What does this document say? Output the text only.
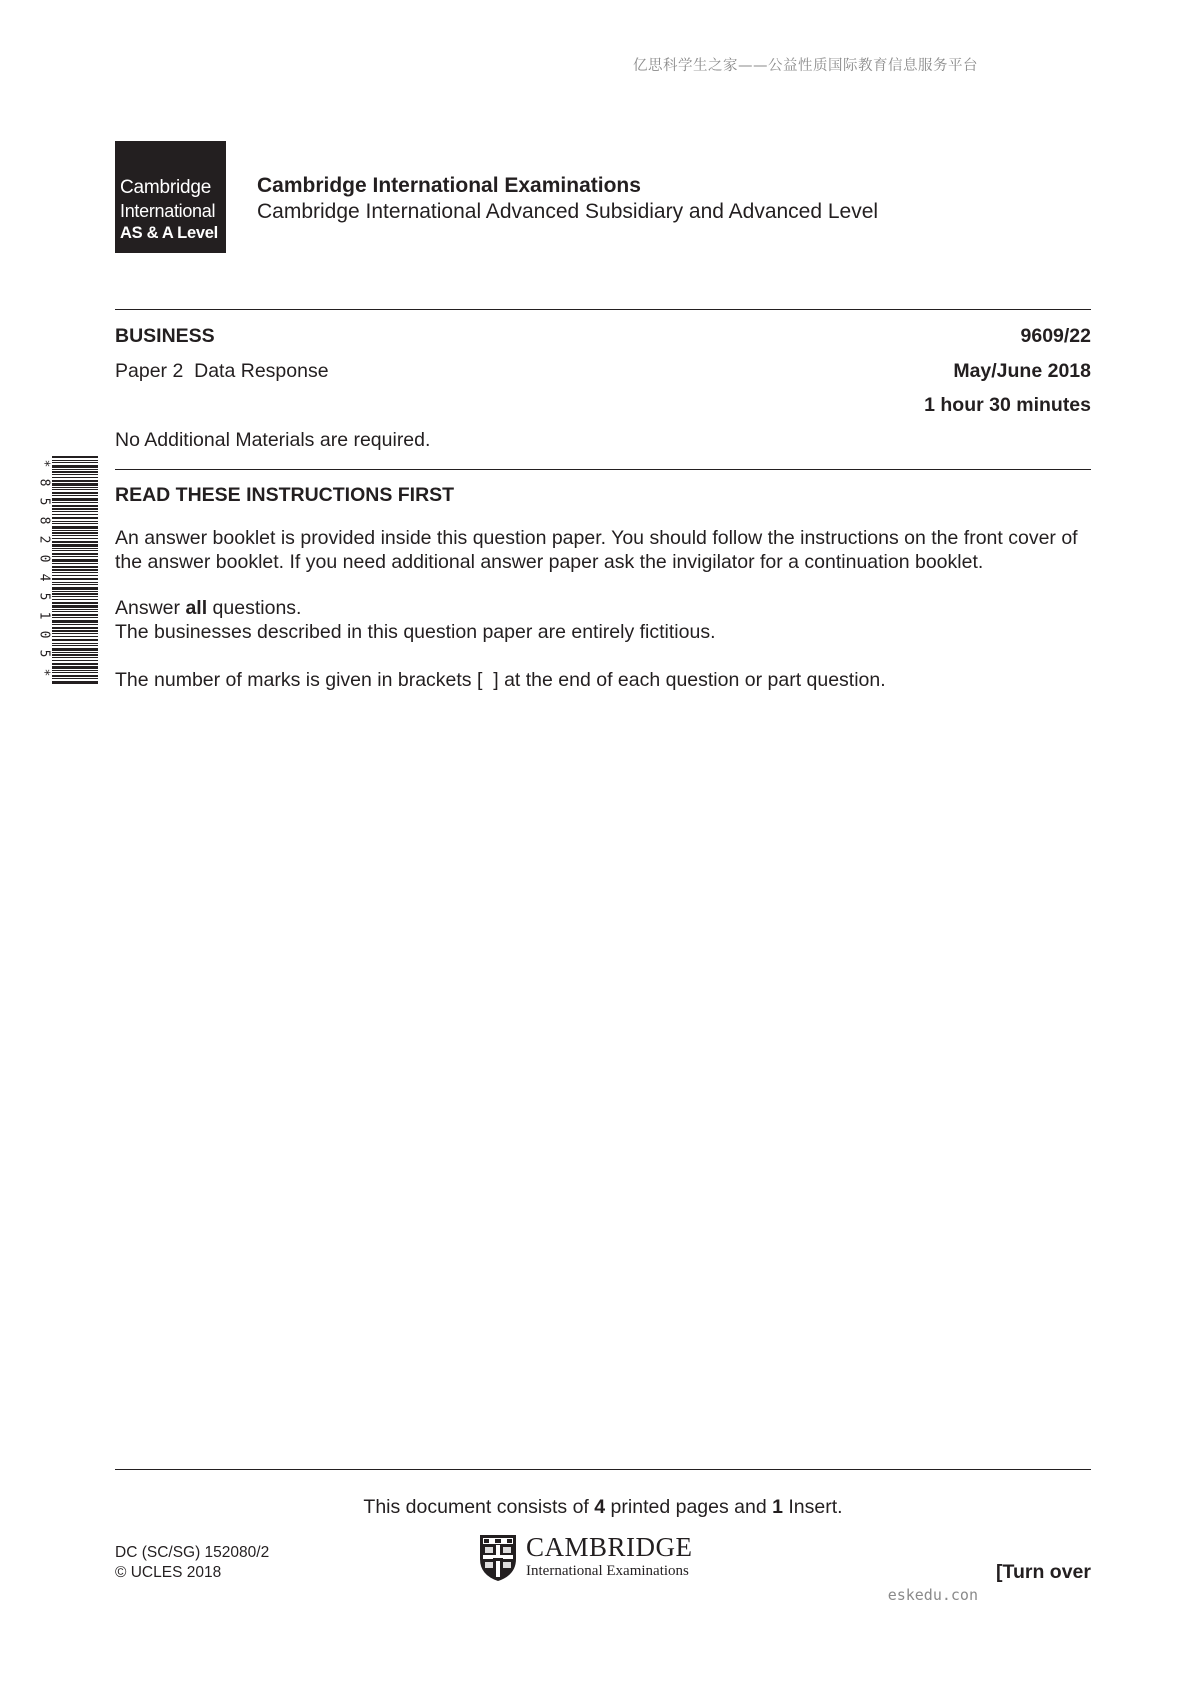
亿思科学生之家——公益性质国际教育信息服务平台
eskedu.con
Cambridge
International
AS & A Level
Cambridge International Examinations
Cambridge International Advanced Subsidiary and Advanced Level
BUSINESS	9609/22
Paper 2  Data Response	May/June 2018
1 hour 30 minutes
No Additional Materials are required.
*
8
5
8
2
0
4
5
1
0
5
*
READ THESE INSTRUCTIONS FIRST
An answer booklet is provided inside this question paper. You should follow the instructions on the front cover of the answer booklet. If you need additional answer paper ask the invigilator for a continuation booklet.
Answer all questions.
The businesses described in this question paper are entirely fictitious.
The number of marks is given in brackets [  ] at the end of each question or part question.
This document consists of 4 printed pages and 1 Insert.
DC (SC/SG) 152080/2
© UCLES 2018
CAMBRIDGE
International Examinations	[Turn over
